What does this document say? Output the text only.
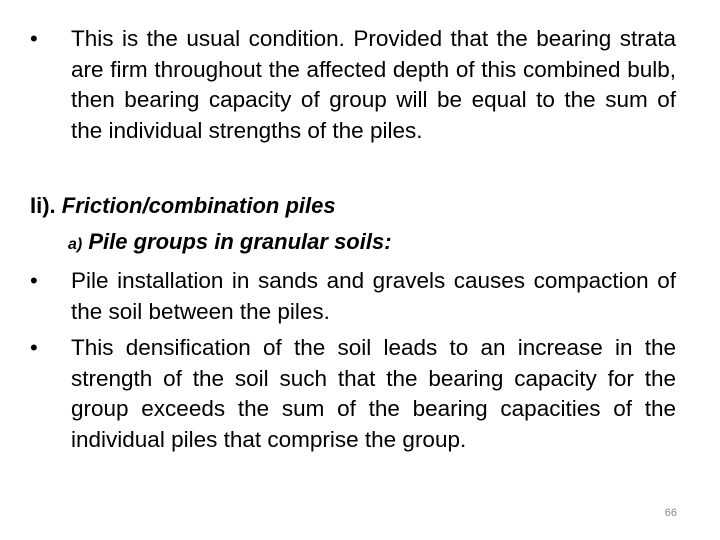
•	This is the usual condition. Provided that the bearing strata are firm throughout the affected depth of this combined bulb, then bearing capacity of group will be equal to the sum of the individual strengths of the piles.
Ii). Friction/combination piles
a) Pile groups in granular soils:
•	Pile installation in sands and gravels causes compaction of the soil between the piles.
•	This densification of the soil leads to an increase in the strength of the soil such that the bearing capacity for the group exceeds the sum of the bearing capacities of the individual piles that comprise the group.
66
